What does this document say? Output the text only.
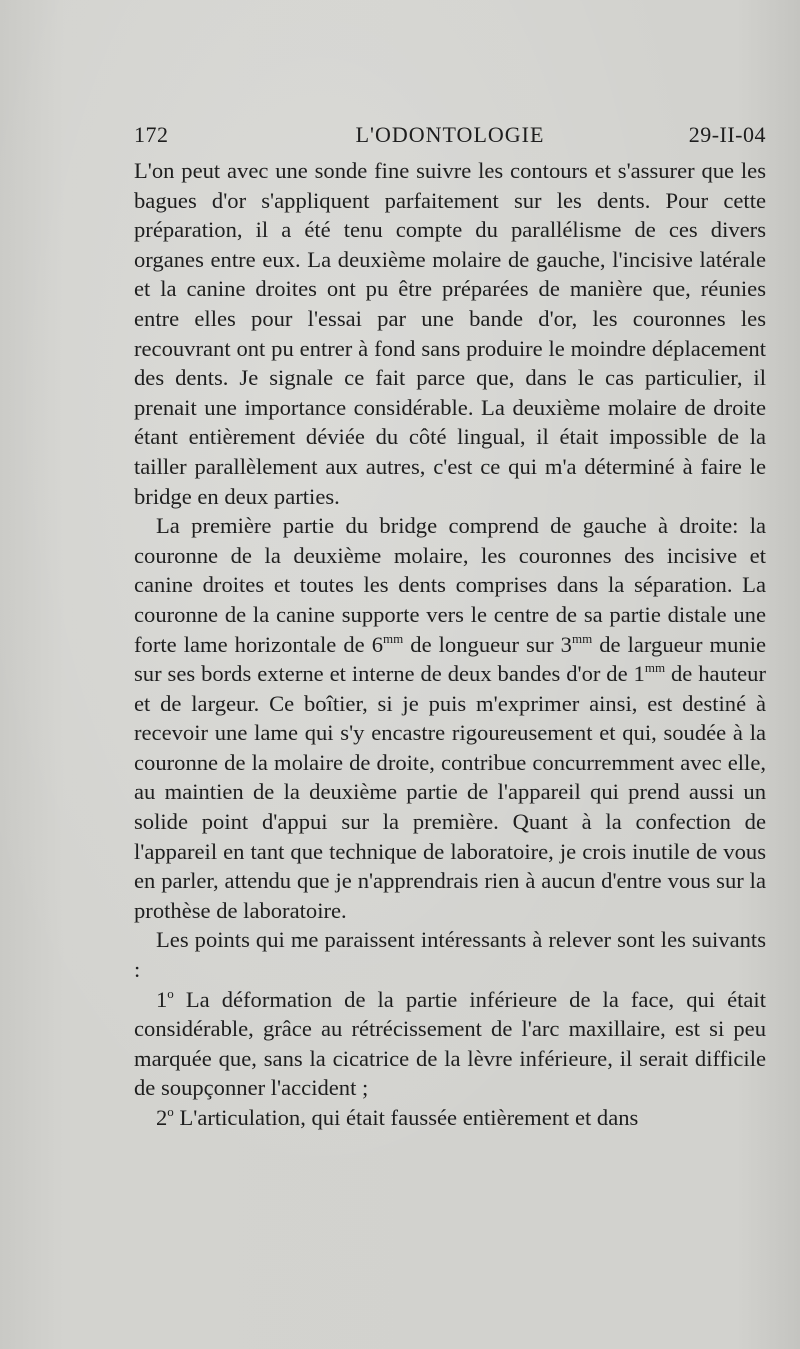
172	L'ODONTOLOGIE	29-II-04

L'on peut avec une sonde fine suivre les contours et s'assurer que les bagues d'or s'appliquent parfaitement sur les dents. Pour cette préparation, il a été tenu compte du parallélisme de ces divers organes entre eux. La deuxième molaire de gauche, l'incisive latérale et la canine droites ont pu être préparées de manière que, réunies entre elles pour l'essai par une bande d'or, les couronnes les recouvrant ont pu entrer à fond sans produire le moindre déplacement des dents. Je signale ce fait parce que, dans le cas particulier, il prenait une importance considérable. La deuxième molaire de droite étant entièrement déviée du côté lingual, il était impossible de la tailler parallèlement aux autres, c'est ce qui m'a déterminé à faire le bridge en deux parties.

La première partie du bridge comprend de gauche à droite: la couronne de la deuxième molaire, les couronnes des incisive et canine droites et toutes les dents comprises dans la séparation. La couronne de la canine supporte vers le centre de sa partie distale une forte lame horizontale de $6^{mm}$ de longueur sur $3^{mm}$ de largueur munie sur ses bords externe et interne de deux bandes d'or de $1^{mm}$ de hauteur et de largeur. Ce boîtier, si je puis m'exprimer ainsi, est destiné à recevoir une lame qui s'y encastre rigoureusement et qui, soudée à la couronne de la molaire de droite, contribue concurremment avec elle, au maintien de la deuxième partie de l'appareil qui prend aussi un solide point d'appui sur la première. Quant à la confection de l'appareil en tant que technique de laboratoire, je crois inutile de vous en parler, attendu que je n'apprendrais rien à aucun d'entre vous sur la prothèse de laboratoire.

Les points qui me paraissent intéressants à relever sont les suivants :

1$^o$ La déformation de la partie inférieure de la face, qui était considérable, grâce au rétrécissement de l'arc maxillaire, est si peu marquée que, sans la cicatrice de la lèvre inférieure, il serait difficile de soupçonner l'accident ;

2$^o$ L'articulation, qui était faussée entièrement et dans
